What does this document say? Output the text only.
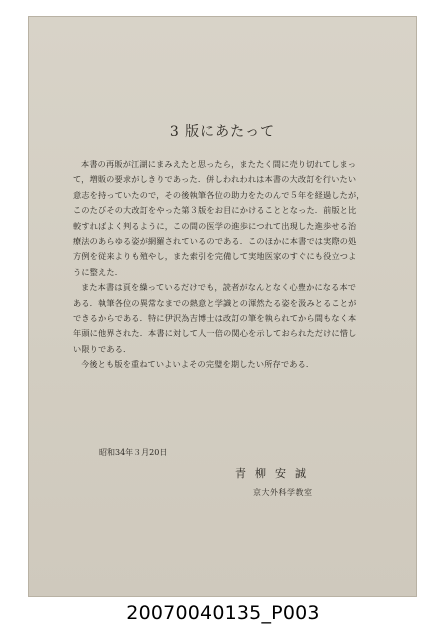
3 版にあたって

本書の再販が江湖にまみえたと思ったら，またたく間に売り切れてしまっ
て，増販の要求がしきりであった．併しわれわれは本書の大改訂を行いたい
意志を持っていたので，その後執筆各位の助力をたのんで５年を経過したが，
このたびその大改訂をやった第３版をお目にかけることとなった．前版と比
較すればよく判るように，この間の医学の進歩につれて出現した進歩せる治
療法のあらゆる姿が網羅されているのである．このほかに本書では実際の処
方例を従来よりも殖やし，また索引を完備して実地医家のすぐにも役立つよ
うに整えた．

また本書は頁を繰っているだけでも，読者がなんとなく心豊かになる本で
ある．執筆各位の異常なまでの熱意と学識との渾然たる姿を汲みとることが
できるからである．特に伊沢為吉博士は改訂の筆を執られてから間もなく本
年頭に他界された．本書に対して人一倍の関心を示しておられただけに惜し
い限りである．

今後とも版を重ねていよいよその完璧を期したい所存である．

昭和34年３月20日
青柳安誠
京大外科学教室
20070040135_P003
